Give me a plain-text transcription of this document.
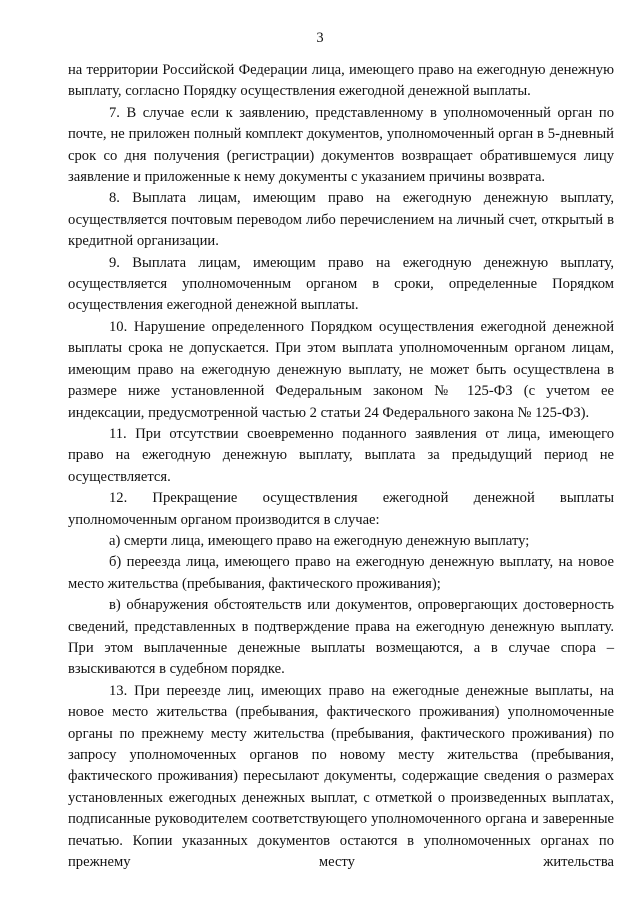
3

на территории Российской Федерации лица, имеющего право на ежегодную денежную выплату, согласно Порядку осуществления ежегодной денежной выплаты.

7. В случае если к заявлению, представленному в уполномоченный орган по почте, не приложен полный комплект документов, уполномоченный орган в 5-дневный срок со дня получения (регистрации) документов возвращает обратившемуся лицу заявление и приложенные к нему документы с указанием причины возврата.

8. Выплата лицам, имеющим право на ежегодную денежную выплату, осуществляется почтовым переводом либо перечислением на личный счет, открытый в кредитной организации.

9. Выплата лицам, имеющим право на ежегодную денежную выплату, осуществляется уполномоченным органом в сроки, определенные Порядком осуществления ежегодной денежной выплаты.

10. Нарушение определенного Порядком осуществления ежегодной денежной выплаты срока не допускается. При этом выплата уполномоченным органом лицам, имеющим право на ежегодную денежную выплату, не может быть осуществлена в размере ниже установленной Федеральным законом № 125-ФЗ (с учетом ее индексации, предусмотренной частью 2 статьи 24 Федерального закона № 125-ФЗ).

11. При отсутствии своевременно поданного заявления от лица, имеющего право на ежегодную денежную выплату, выплата за предыдущий период не осуществляется.

12. Прекращение осуществления ежегодной денежной выплаты уполномоченным органом производится в случае:

а) смерти лица, имеющего право на ежегодную денежную выплату;

б) переезда лица, имеющего право на ежегодную денежную выплату, на новое место жительства (пребывания, фактического проживания);

в) обнаружения обстоятельств или документов, опровергающих достоверность сведений, представленных в подтверждение права на ежегодную денежную выплату. При этом выплаченные денежные выплаты возмещаются, а в случае спора – взыскиваются в судебном порядке.

13. При переезде лиц, имеющих право на ежегодные денежные выплаты, на новое место жительства (пребывания, фактического проживания) уполномоченные органы по прежнему месту жительства (пребывания, фактического проживания) по запросу уполномоченных органов по новому месту жительства (пребывания, фактического проживания) пересылают документы, содержащие сведения о размерах установленных ежегодных денежных выплат, с отметкой о произведенных выплатах, подписанные руководителем соответствующего уполномоченного органа и заверенные печатью. Копии указанных документов остаются в уполномоченных органах по прежнему месту жительства
